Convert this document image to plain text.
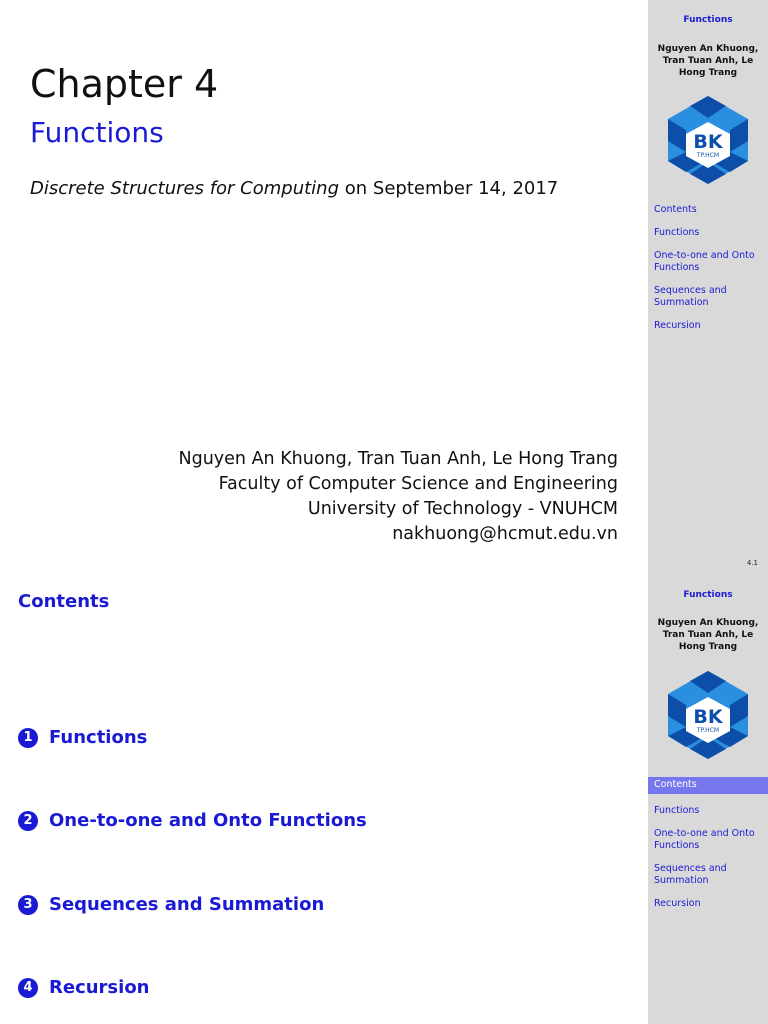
Chapter 4
Functions
Discrete Structures for Computing on September 14, 2017
Nguyen An Khuong, Tran Tuan Anh, Le Hong Trang
Faculty of Computer Science and Engineering
University of Technology - VNUHCM
nakhuong@hcmut.edu.vn
Functions
Nguyen An Khuong, Tran Tuan Anh, Le Hong Trang
BK
TP.HCM
Contents
Functions
One-to-one and Onto Functions
Sequences and Summation
Recursion
4.1
Contents
1 Functions
2 One-to-one and Onto Functions
3 Sequences and Summation
4 Recursion
Functions
Nguyen An Khuong, Tran Tuan Anh, Le Hong Trang
BK
TP.HCM
Contents
Functions
One-to-one and Onto Functions
Sequences and Summation
Recursion
